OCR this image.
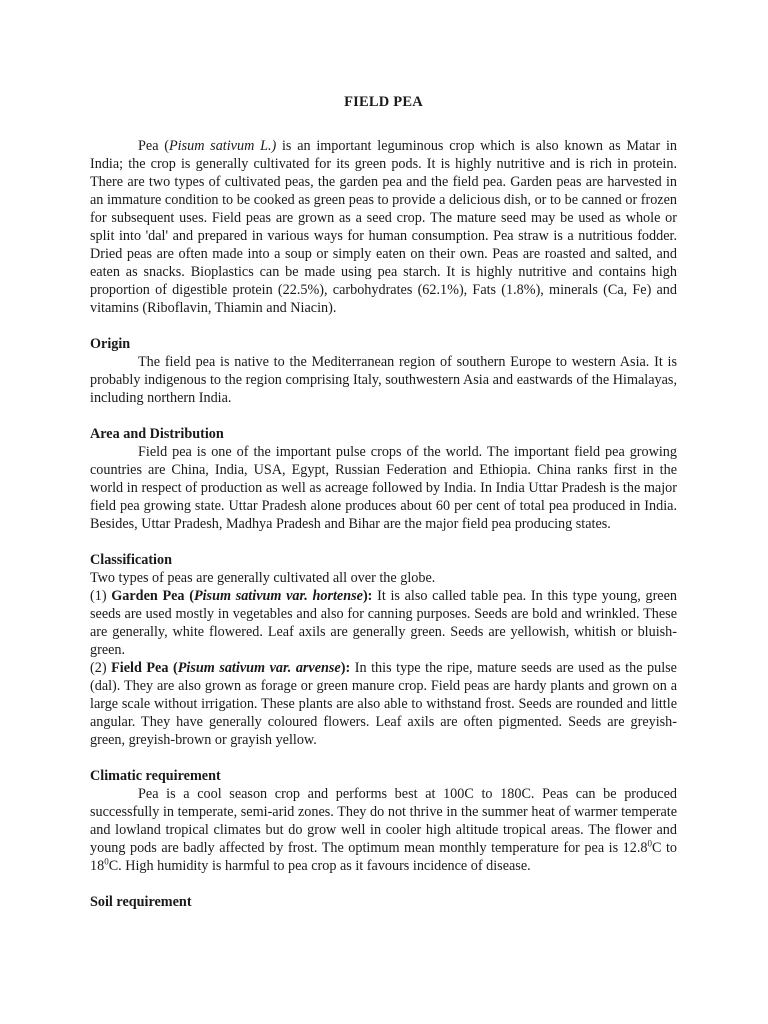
FIELD PEA

Pea (Pisum sativum L.) is an important leguminous crop which is also known as Matar in India; the crop is generally cultivated for its green pods. It is highly nutritive and is rich in protein. There are two types of cultivated peas, the garden pea and the field pea. Garden peas are harvested in an immature condition to be cooked as green peas to provide a delicious dish, or to be canned or frozen for subsequent uses. Field peas are grown as a seed crop. The mature seed may be used as whole or split into 'dal' and prepared in various ways for human consumption. Pea straw is a nutritious fodder. Dried peas are often made into a soup or simply eaten on their own. Peas are roasted and salted, and eaten as snacks. Bioplastics can be made using pea starch. It is highly nutritive and contains high proportion of digestible protein (22.5%), carbohydrates (62.1%), Fats (1.8%), minerals (Ca, Fe) and vitamins (Riboflavin, Thiamin and Niacin).

Origin

The field pea is native to the Mediterranean region of southern Europe to western Asia. It is probably indigenous to the region comprising Italy, southwestern Asia and eastwards of the Himalayas, including northern India.

Area and Distribution

Field pea is one of the important pulse crops of the world. The important field pea growing countries are China, India, USA, Egypt, Russian Federation and Ethiopia. China ranks first in the world in respect of production as well as acreage followed by India. In India Uttar Pradesh is the major field pea growing state. Uttar Pradesh alone produces about 60 per cent of total pea produced in India. Besides, Uttar Pradesh, Madhya Pradesh and Bihar are the major field pea producing states.

Classification

Two types of peas are generally cultivated all over the globe.

(1) Garden Pea (Pisum sativum var. hortense): It is also called table pea. In this type young, green seeds are used mostly in vegetables and also for canning purposes. Seeds are bold and wrinkled. These are generally, white flowered. Leaf axils are generally green. Seeds are yellowish, whitish or bluish-green.

(2) Field Pea (Pisum sativum var. arvense): In this type the ripe, mature seeds are used as the pulse (dal). They are also grown as forage or green manure crop. Field peas are hardy plants and grown on a large scale without irrigation. These plants are also able to withstand frost. Seeds are rounded and little angular. They have generally coloured flowers. Leaf axils are often pigmented. Seeds are greyish-green, greyish-brown or grayish yellow.

Climatic requirement

Pea is a cool season crop and performs best at 100C to 180C. Peas can be produced successfully in temperate, semi-arid zones. They do not thrive in the summer heat of warmer temperate and lowland tropical climates but do grow well in cooler high altitude tropical areas. The flower and young pods are badly affected by frost. The optimum mean monthly temperature for pea is 12.8$^0$C to $18^0C$. High humidity is harmful to pea crop as it favours incidence of disease.

Soil requirement
